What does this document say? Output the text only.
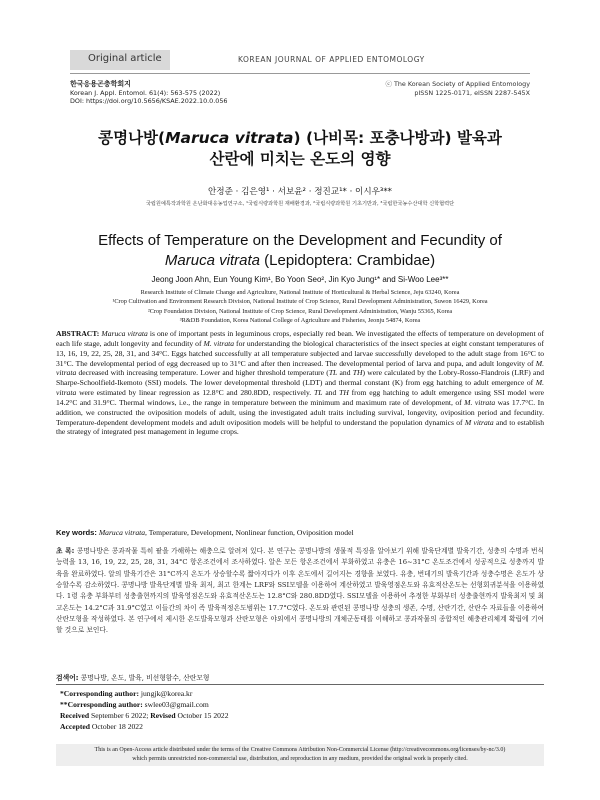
Original article	KOREAN JOURNAL OF APPLIED ENTOMOLOGY
한국응용곤충학회지
Korean J. Appl. Entomol. 61(4): 563-575 (2022)
DOI: https://doi.org/10.5656/KSAE.2022.10.0.056
ⓒ The Korean Society of Applied Entomology
pISSN 1225-0171, eISSN 2287-545X
콩명나방(Maruca vitrata) (나비목: 포충나방과) 발육과
산란에 미치는 온도의 영향
안정준 · 김은영¹ · 서보윤² · 정진교¹* · 이시우³**
국립원예특작과학원 온난화대응농업연구소, ¹국립식량과학원 재배환경과, ²국립식량과학원 기초기반과, ³국립한국농수산대학 신학협력단
Effects of Temperature on the Development and Fecundity of
Maruca vitrata (Lepidoptera: Crambidae)
Jeong Joon Ahn, Eun Young Kim¹, Bo Yoon Seo², Jin Kyo Jung¹* and Si-Woo Lee³**
Research Institute of Climate Change and Agriculture, National Institute of Horticultural & Herbal Science, Jeju 63240, Korea
¹Crop Cultivation and Environment Research Division, National Institute of Crop Science, Rural Development Administration, Suwon 16429, Korea
²Crop Foundation Division, National Institute of Crop Science, Rural Development Administration, Wanju 55365, Korea
³R&DB Foundation, Korea National College of Agriculture and Fisheries, Jeonju 54874, Korea
ABSTRACT: Maruca vitrata is one of important pests in leguminous crops, especially red bean. We investigated the effects of temperature on development of each life stage, adult longevity and fecundity of M. vitrata for understanding the biological characteristics of the insect species at eight constant temperatures of 13, 16, 19, 22, 25, 28, 31, and 34°C. Eggs hatched successfully at all temperature subjected and larvae successfully developed to the adult stage from 16°C to 31°C. The developmental period of egg decreased up to 31°C and after then increased. The developmental period of larva and pupa, and adult longevity of M. vitrata decreased with increasing temperature. Lower and higher threshold temperature (TL and TH) were calculated by the Lobry-Rosso-Flandrois (LRF) and Sharpe-Schoolfield-Ikemoto (SSI) models. The lower developmental threshold (LDT) and thermal constant (K) from egg hatching to adult emergence of M. vitrata were estimated by linear regression as 12.8°C and 280.8DD, respectively. TL and TH from egg hatching to adult emergence using SSI model were 14.2°C and 31.9°C. Thermal windows, i.e., the range in temperature between the minimum and maximum rate of development, of M. vitrata was 17.7°C. In addition, we constructed the oviposition models of adult, using the investigated adult traits including survival, longevity, oviposition period and fecundity. Temperature-dependent development models and adult oviposition models will be helpful to understand the population dynamics of M vitrata and to establish the strategy of integrated pest management in legume crops.
Key words: Maruca vitrata, Temperature, Development, Nonlinear function, Oviposition model
초 록: 콩명나방은 콩과작물 특히 팥을 가해하는 해충으로 알려져 있다. 본 연구는 콩명나방의 생물적 특징을 알아보기 위해 발육단계별 발육기간, 성충의 수명과 번식능력을 13, 16, 19, 22, 25, 28, 31, 34°C 항온조건에서 조사하였다. 알은 모든 항온조건에서 부화하였고 유충은 16~31°C 온도조건에서 성공적으로 성충까지 발육을 완료하였다. 알의 발육기간은 31°C까지 온도가 상승할수록 짧아지다가 이후 온도에서 길어지는 경향을 보였다. 유충, 번데기의 발육기간과 성충수명은 온도가 상승할수록 감소하였다. 콩명나방 발육단계별 발육 최저, 최고 한계는 LRF와 SSI모델을 이용하여 계산하였고 발육영점온도와 유효적산온도는 선형회귀분석을 이용하였다. 1령 유충 부화부터 성충출현까지의 발육영점온도와 유효적산온도는 12.8°C와 280.8DD였다. SSI모델을 이용하여 추정한 부화부터 성충출현까지 발육최저 및 최고온도는 14.2°C과 31.9°C였고 이들간의 차이 즉 발육적정온도범위는 17.7°C였다. 온도와 관련된 콩명나방 성충의 생존, 수명, 산란기간, 산란수 자료들을 이용하여 산란모형을 작성하였다. 본 연구에서 제시한 온도발육모형과 산란모형은 야외에서 콩명나방의 개체군동태를 이해하고 콩과작물의 종합적인 해충관리체계 확립에 기여할 것으로 보인다.
검색어: 콩명나방, 온도, 발육, 비선형함수, 산란모형
*Corresponding author: jungjk@korea.kr
**Corresponding author: swlee03@gmail.com
Received September 6 2022; Revised October 15 2022
Accepted October 18 2022
This is an Open-Access article distributed under the terms of the Creative Commons Attribution Non-Commercial License (http://creativecommons.org/licenses/by-nc/3.0)
which permits unrestricted non-commercial use, distribution, and reproduction in any medium, provided the original work is properly cited.
